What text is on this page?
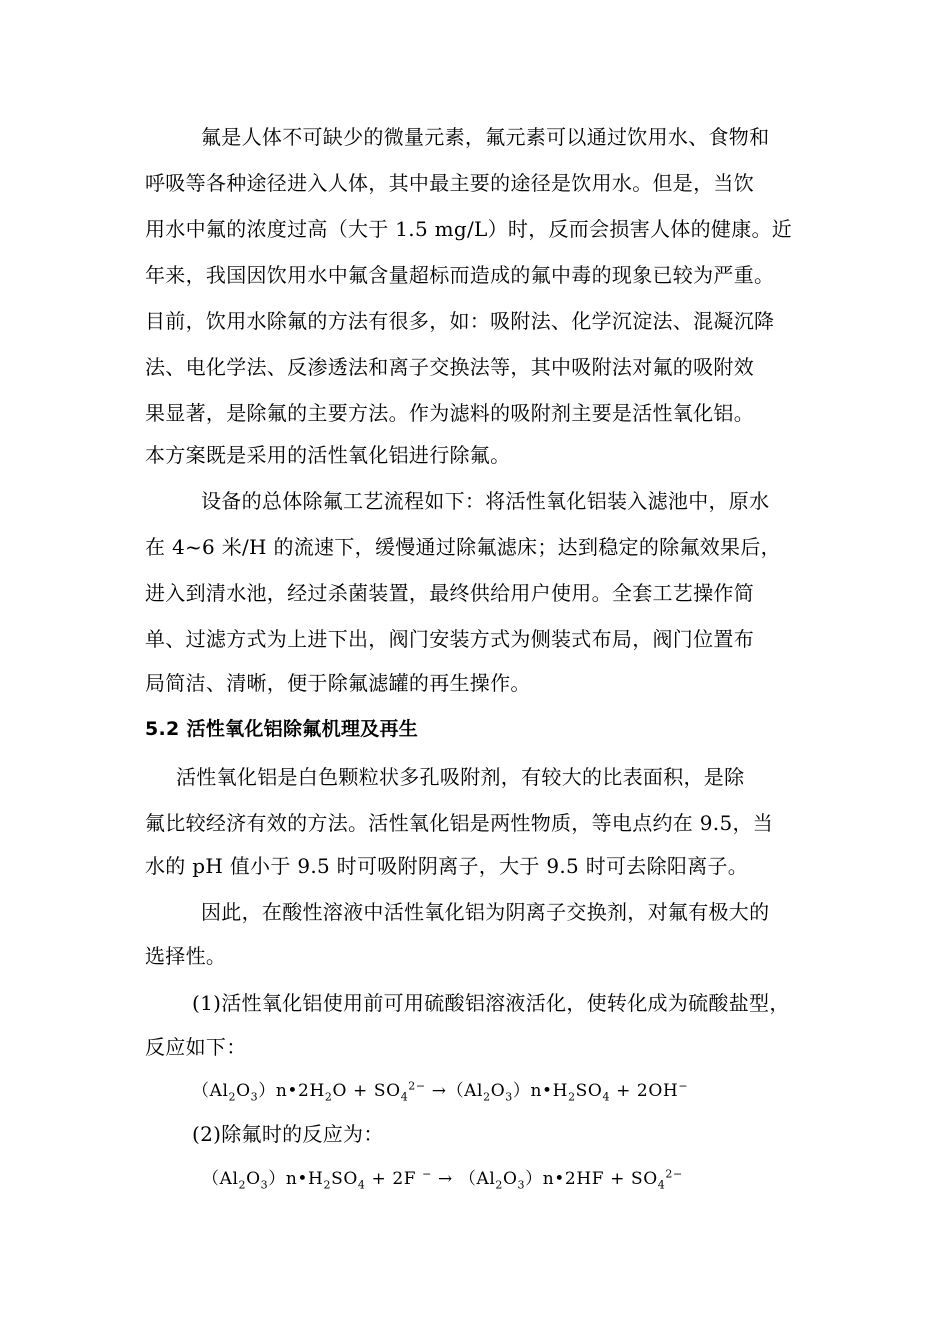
氟是人体不可缺少的微量元素，氟元素可以通过饮用水、食物和
呼吸等各种途径进入人体，其中最主要的途径是饮用水。但是，当饮
用水中氟的浓度过高（大于 1.5 mg/L）时，反而会损害人体的健康。近
年来，我国因饮用水中氟含量超标而造成的氟中毒的现象已较为严重。
目前，饮用水除氟的方法有很多，如：吸附法、化学沉淀法、混凝沉降
法、电化学法、反渗透法和离子交换法等，其中吸附法对氟的吸附效
果显著，是除氟的主要方法。作为滤料的吸附剂主要是活性氧化铝。
本方案既是采用的活性氧化铝进行除氟。
设备的总体除氟工艺流程如下：将活性氧化铝装入滤池中，原水
在 4~6 米/H 的流速下，缓慢通过除氟滤床；达到稳定的除氟效果后，
进入到清水池，经过杀菌装置，最终供给用户使用。全套工艺操作简
单、过滤方式为上进下出，阀门安装方式为侧装式布局，阀门位置布
局简洁、清晰，便于除氟滤罐的再生操作。
5.2 活性氧化铝除氟机理及再生
活性氧化铝是白色颗粒状多孔吸附剂，有较大的比表面积，是除
氟比较经济有效的方法。活性氧化铝是两性物质，等电点约在 9.5，当
水的 pH 值小于 9.5 时可吸附阴离子，大于 9.5 时可去除阳离子。
因此，在酸性溶液中活性氧化铝为阴离子交换剂，对氟有极大的
选择性。
(1)活性氧化铝使用前可用硫酸铝溶液活化，使转化成为硫酸盐型，
反应如下：
$(Al_2O_3)n•2H_2O + SO_4^{2-}$ $\to(Al_2O_3)n•H_2SO_4 + 2OH^-$
(2)除氟时的反应为：
$(Al_2O_3)n•H_2SO_4 + 2F$ $^- \to (Al_2O_3)n•2HF + SO_4^{2-}$
